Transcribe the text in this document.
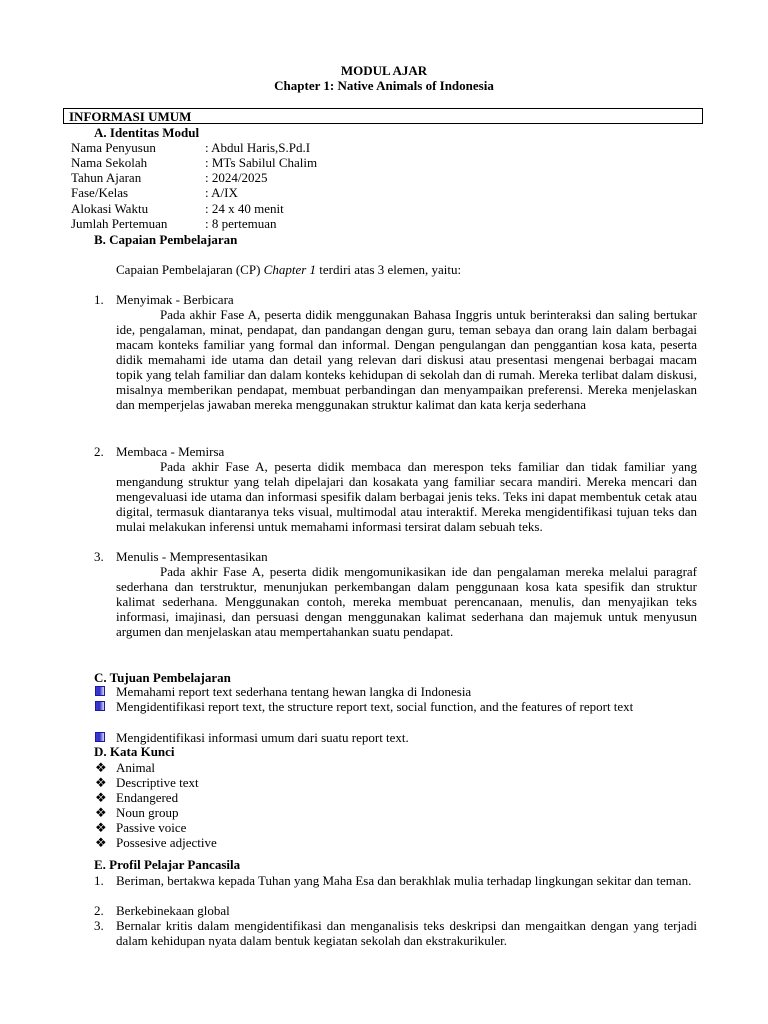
MODUL AJAR
Chapter 1: Native Animals of Indonesia
INFORMASI UMUM
A. Identitas Modul
Nama Penyusun	: Abdul Haris,S.Pd.I
Nama Sekolah	: MTs Sabilul Chalim
Tahun Ajaran	: 2024/2025
Fase/Kelas	: A/IX
Alokasi Waktu	: 24 x 40 menit
Jumlah Pertemuan	: 8 pertemuan
B. Capaian Pembelajaran
Capaian Pembelajaran (CP) Chapter 1 terdiri atas 3 elemen, yaitu:
1. Menyimak - Berbicara
Pada akhir Fase A, peserta didik menggunakan Bahasa Inggris untuk berinteraksi dan saling bertukar ide, pengalaman, minat, pendapat, dan pandangan dengan guru, teman sebaya dan orang lain dalam berbagai macam konteks familiar yang formal dan informal. Dengan pengulangan dan penggantian kosa kata, peserta didik memahami ide utama dan detail yang relevan dari diskusi atau presentasi mengenai berbagai macam topik yang telah familiar dan dalam konteks kehidupan di sekolah dan di rumah. Mereka terlibat dalam diskusi, misalnya memberikan pendapat, membuat perbandingan dan menyampaikan preferensi. Mereka menjelaskan dan memperjelas jawaban mereka menggunakan struktur kalimat dan kata kerja sederhana
2. Membaca - Memirsa
Pada akhir Fase A, peserta didik membaca dan merespon teks familiar dan tidak familiar yang mengandung struktur yang telah dipelajari dan kosakata yang familiar secara mandiri. Mereka mencari dan mengevaluasi ide utama dan informasi spesifik dalam berbagai jenis teks. Teks ini dapat membentuk cetak atau digital, termasuk diantaranya teks visual, multimodal atau interaktif. Mereka mengidentifikasi tujuan teks dan mulai melakukan inferensi untuk memahami informasi tersirat dalam sebuah teks.
3. Menulis - Mempresentasikan
Pada akhir Fase A, peserta didik mengomunikasikan ide dan pengalaman mereka melalui paragraf sederhana dan terstruktur, menunjukan perkembangan dalam penggunaan kosa kata spesifik dan struktur kalimat sederhana. Menggunakan contoh, mereka membuat perencanaan, menulis, dan menyajikan teks informasi, imajinasi, dan persuasi dengan menggunakan kalimat sederhana dan majemuk untuk menyusun argumen dan menjelaskan atau mempertahankan suatu pendapat.
C. Tujuan Pembelajaran
Memahami report text sederhana tentang hewan langka di Indonesia
Mengidentifikasi report text, the structure report text, social function, and the features of report text
Mengidentifikasi informasi umum dari suatu report text.
D. Kata Kunci
❖ Animal
❖ Descriptive text
❖ Endangered
❖ Noun group
❖ Passive voice
❖ Possesive adjective
E. Profil Pelajar Pancasila
1. Beriman, bertakwa kepada Tuhan yang Maha Esa dan berakhlak mulia terhadap lingkungan sekitar dan teman.
2. Berkebinekaan global
3. Bernalar kritis dalam mengidentifikasi dan menganalisis teks deskripsi dan mengaitkan dengan yang terjadi dalam kehidupan nyata dalam bentuk kegiatan sekolah dan ekstrakurikuler.
